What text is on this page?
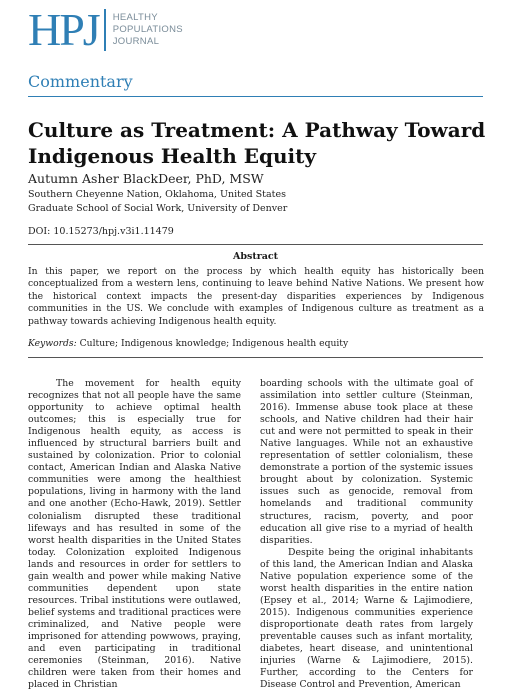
HPJ	HEALTHY
POPULATIONS
JOURNAL
Commentary
Culture as Treatment: A Pathway Toward Indigenous Health Equity
Autumn Asher BlackDeer, PhD, MSW
Southern Cheyenne Nation, Oklahoma, United States
Graduate School of Social Work, University of Denver
DOI: 10.15273/hpj.v3i1.11479
Abstract

In this paper, we report on the process by which health equity has historically been conceptualized from a western lens, continuing to leave behind Native Nations. We present how the historical context impacts the present-day disparities experiences by Indigenous communities in the US. We conclude with examples of Indigenous culture as treatment as a pathway towards achieving Indigenous health equity.

Keywords: Culture; Indigenous knowledge; Indigenous health equity

The movement for health equity recognizes that not all people have the same opportunity to achieve optimal health outcomes; this is especially true for Indigenous health equity, as access is influenced by structural barriers built and sustained by colonization. Prior to colonial contact, American Indian and Alaska Native communities were among the healthiest populations, living in harmony with the land and one another (Echo-Hawk, 2019). Settler colonialism disrupted these traditional lifeways and has resulted in some of the worst health disparities in the United States today. Colonization exploited Indigenous lands and resources in order for settlers to gain wealth and power while making Native communities dependent upon state resources. Tribal institutions were outlawed, belief systems and traditional practices were criminalized, and Native people were imprisoned for attending powwows, praying, and even participating in traditional ceremonies (Steinman, 2016). Native children were taken from their homes and placed in Christian

boarding schools with the ultimate goal of assimilation into settler culture (Steinman, 2016). Immense abuse took place at these schools, and Native children had their hair cut and were not permitted to speak in their Native languages. While not an exhaustive representation of settler colonialism, these demonstrate a portion of the systemic issues brought about by colonization. Systemic issues such as genocide, removal from homelands and traditional community structures, racism, poverty, and poor education all give rise to a myriad of health disparities.

Despite being the original inhabitants of this land, the American Indian and Alaska Native population experience some of the worst health disparities in the entire nation (Epsey et al., 2014; Warne & Lajimodiere, 2015). Indigenous communities experience disproportionate death rates from largely preventable causes such as infant mortality, diabetes, heart disease, and unintentional injuries (Warne & Lajimodiere, 2015). Further, according to the Centers for Disease Control and Prevention, American
